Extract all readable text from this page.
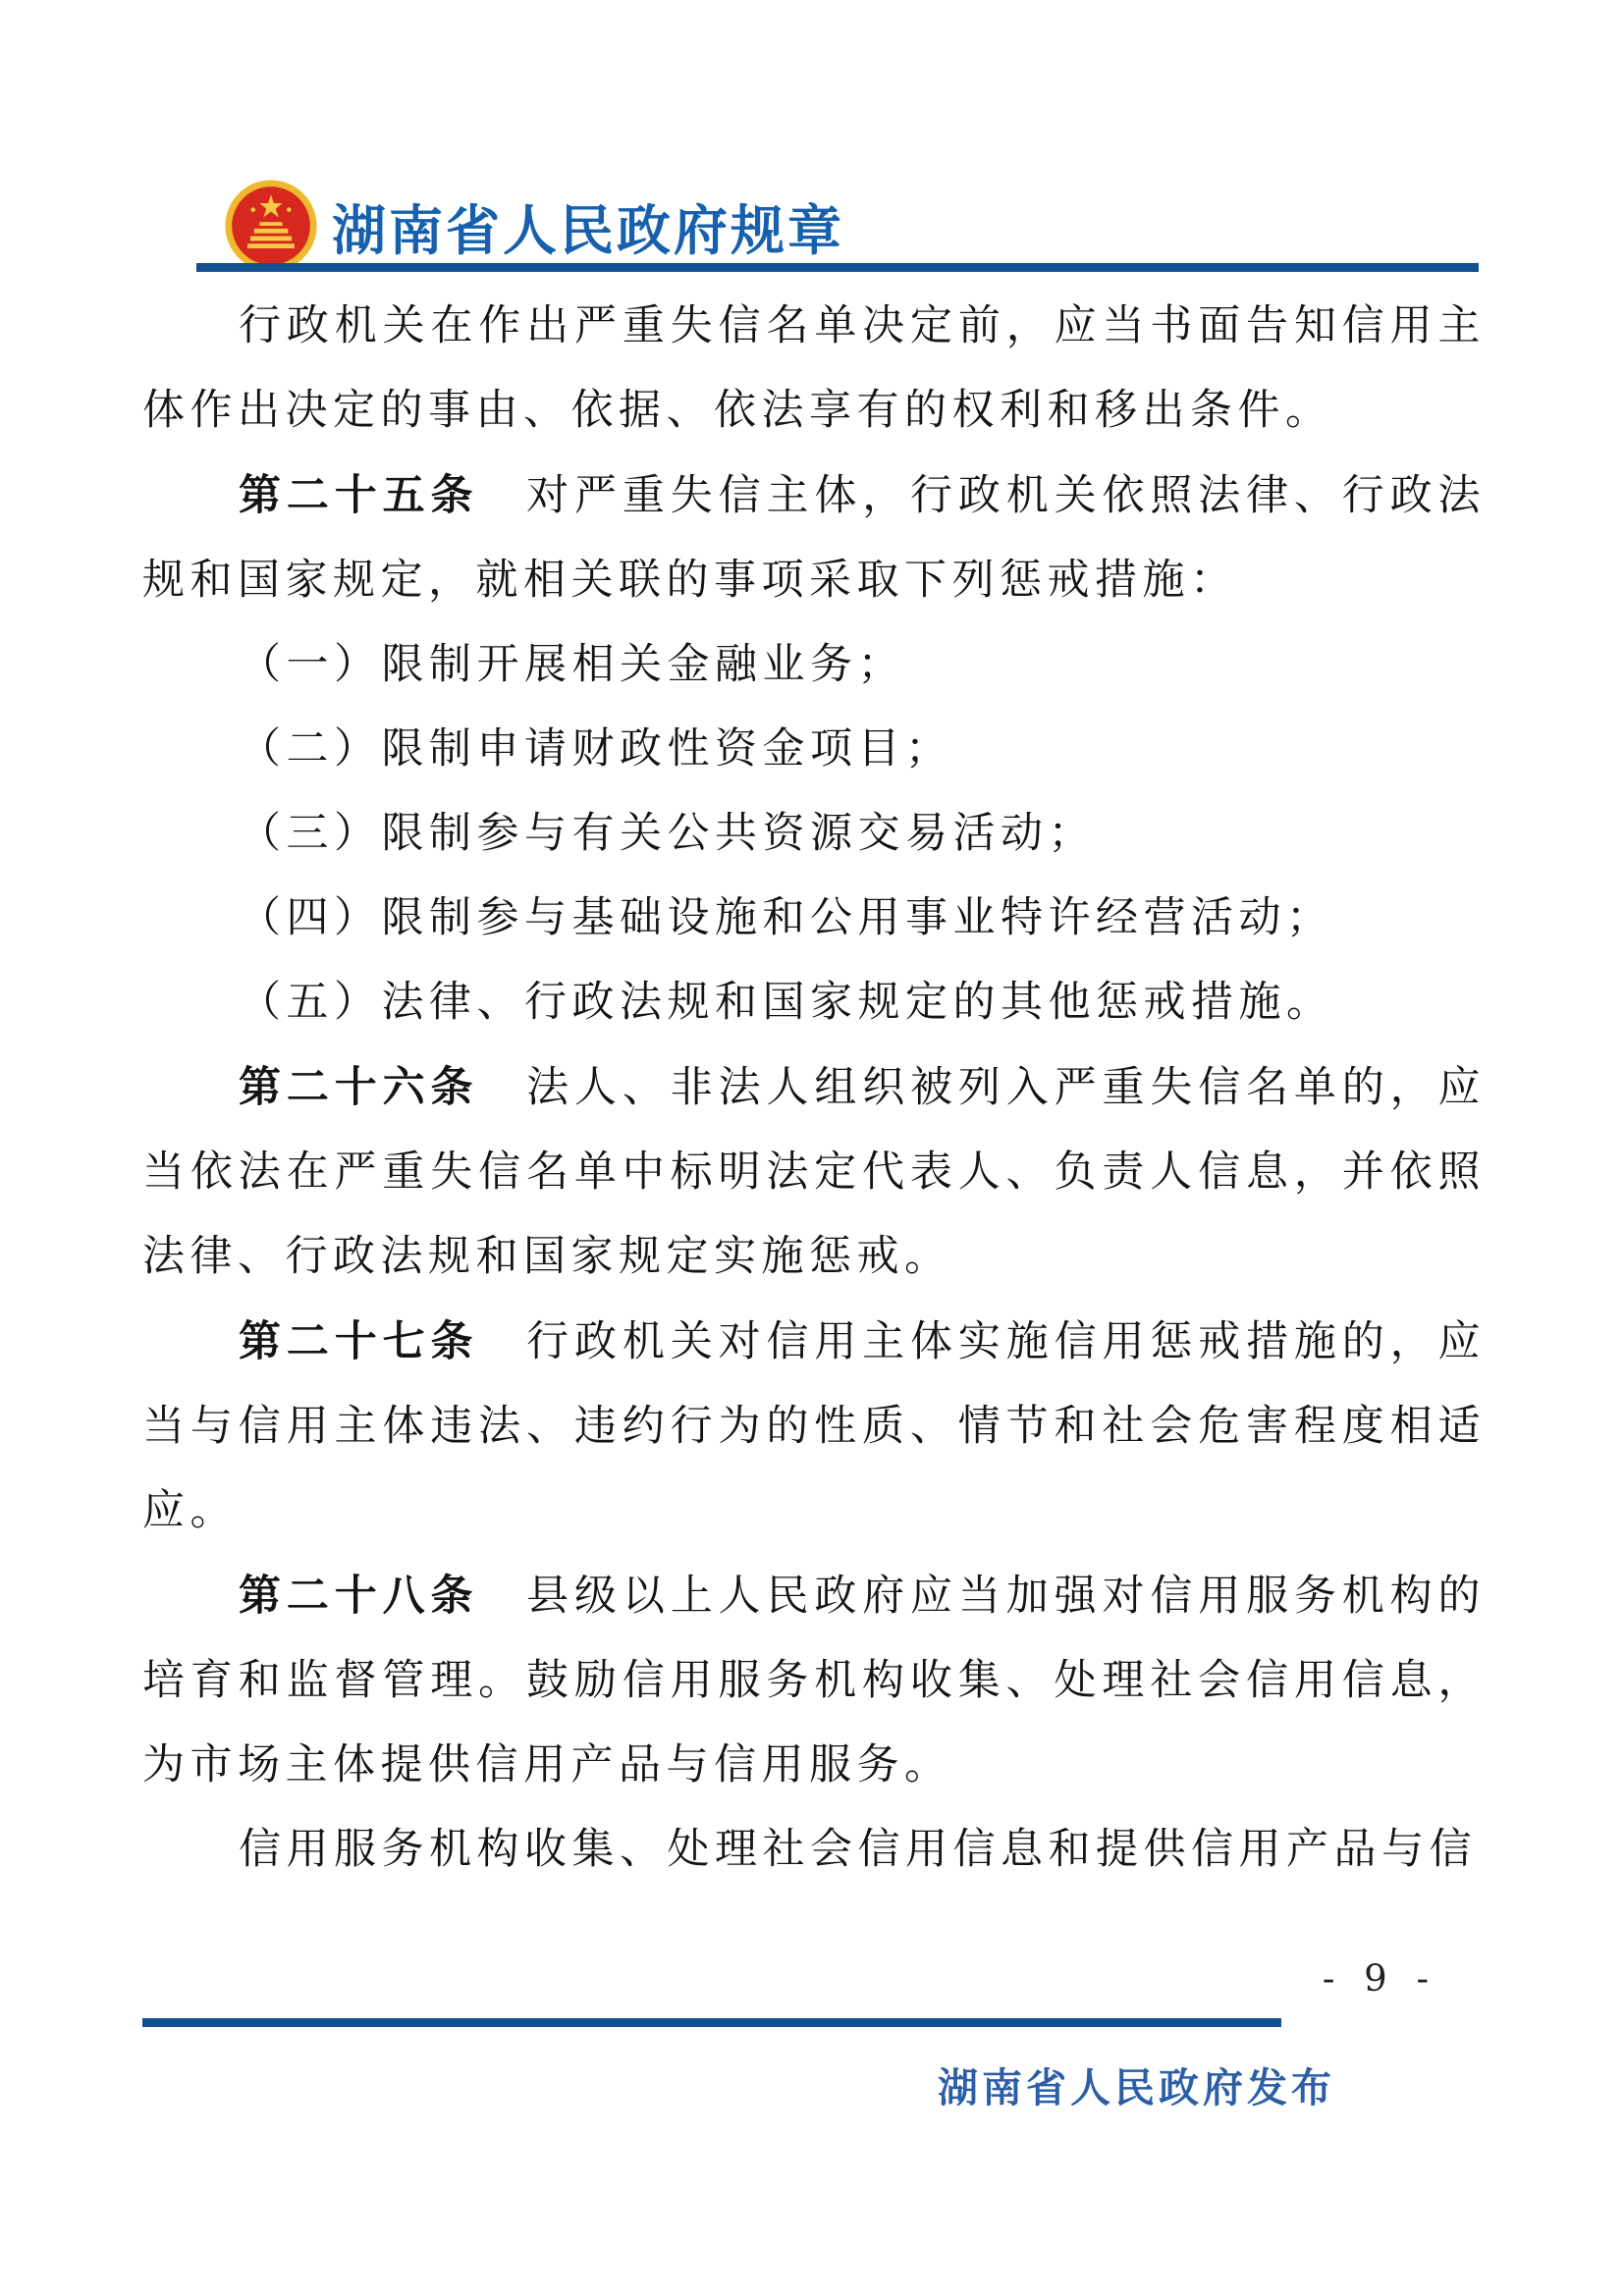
湖南省人民政府规章

行政机关在作出严重失信名单决定前，应当书面告知信用主体作出决定的事由、依据、依法享有的权利和移出条件。

第二十五条　对严重失信主体，行政机关依照法律、行政法规和国家规定，就相关联的事项采取下列惩戒措施：

（一）限制开展相关金融业务；

（二）限制申请财政性资金项目；

（三）限制参与有关公共资源交易活动；

（四）限制参与基础设施和公用事业特许经营活动；

（五）法律、行政法规和国家规定的其他惩戒措施。

第二十六条　法人、非法人组织被列入严重失信名单的，应当依法在严重失信名单中标明法定代表人、负责人信息，并依照法律、行政法规和国家规定实施惩戒。

第二十七条　行政机关对信用主体实施信用惩戒措施的，应当与信用主体违法、违约行为的性质、情节和社会危害程度相适应。

第二十八条　县级以上人民政府应当加强对信用服务机构的培育和监督管理。鼓励信用服务机构收集、处理社会信用信息，为市场主体提供信用产品与信用服务。

信用服务机构收集、处理社会信用信息和提供信用产品与信

- 9 -
湖南省人民政府发布
